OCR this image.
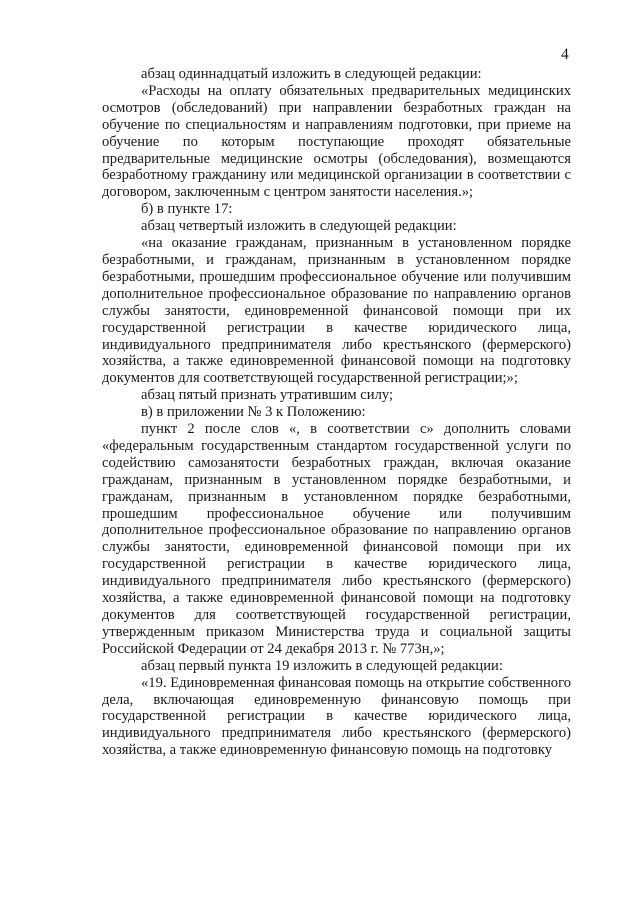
4

абзац одиннадцатый изложить в следующей редакции:

«Расходы на оплату обязательных предварительных медицинских осмотров (обследований) при направлении безработных граждан на обучение по специальностям и направлениям подготовки, при приеме на обучение по которым поступающие проходят обязательные предварительные медицинские осмотры (обследования), возмещаются безработному гражданину или медицинской организации в соответствии с договором, заключенным с центром занятости населения.»;

б) в пункте 17:

абзац четвертый изложить в следующей редакции:

«на оказание гражданам, признанным в установленном порядке безработными, и гражданам, признанным в установленном порядке безработными, прошедшим профессиональное обучение или получившим дополнительное профессиональное образование по направлению органов службы занятости, единовременной финансовой помощи при их государственной регистрации в качестве юридического лица, индивидуального предпринимателя либо крестьянского (фермерского) хозяйства, а также единовременной финансовой помощи на подготовку документов для соответствующей государственной регистрации;»;

абзац пятый признать утратившим силу;

в) в приложении № 3 к Положению:

пункт 2 после слов «, в соответствии с» дополнить словами «федеральным государственным стандартом государственной услуги по содействию самозанятости безработных граждан, включая оказание гражданам, признанным в установленном порядке безработными, и гражданам, признанным в установленном порядке безработными, прошедшим профессиональное обучение или получившим дополнительное профессиональное образование по направлению органов службы занятости, единовременной финансовой помощи при их государственной регистрации в качестве юридического лица, индивидуального предпринимателя либо крестьянского (фермерского) хозяйства, а также единовременной финансовой помощи на подготовку документов для соответствующей государственной регистрации, утвержденным приказом Министерства труда и социальной защиты Российской Федерации от 24 декабря 2013 г. № 773н,»;

абзац первый пункта 19 изложить в следующей редакции:

«19. Единовременная финансовая помощь на открытие собственного дела, включающая единовременную финансовую помощь при государственной регистрации в качестве юридического лица, индивидуального предпринимателя либо крестьянского (фермерского) хозяйства, а также единовременную финансовую помощь на подготовку
